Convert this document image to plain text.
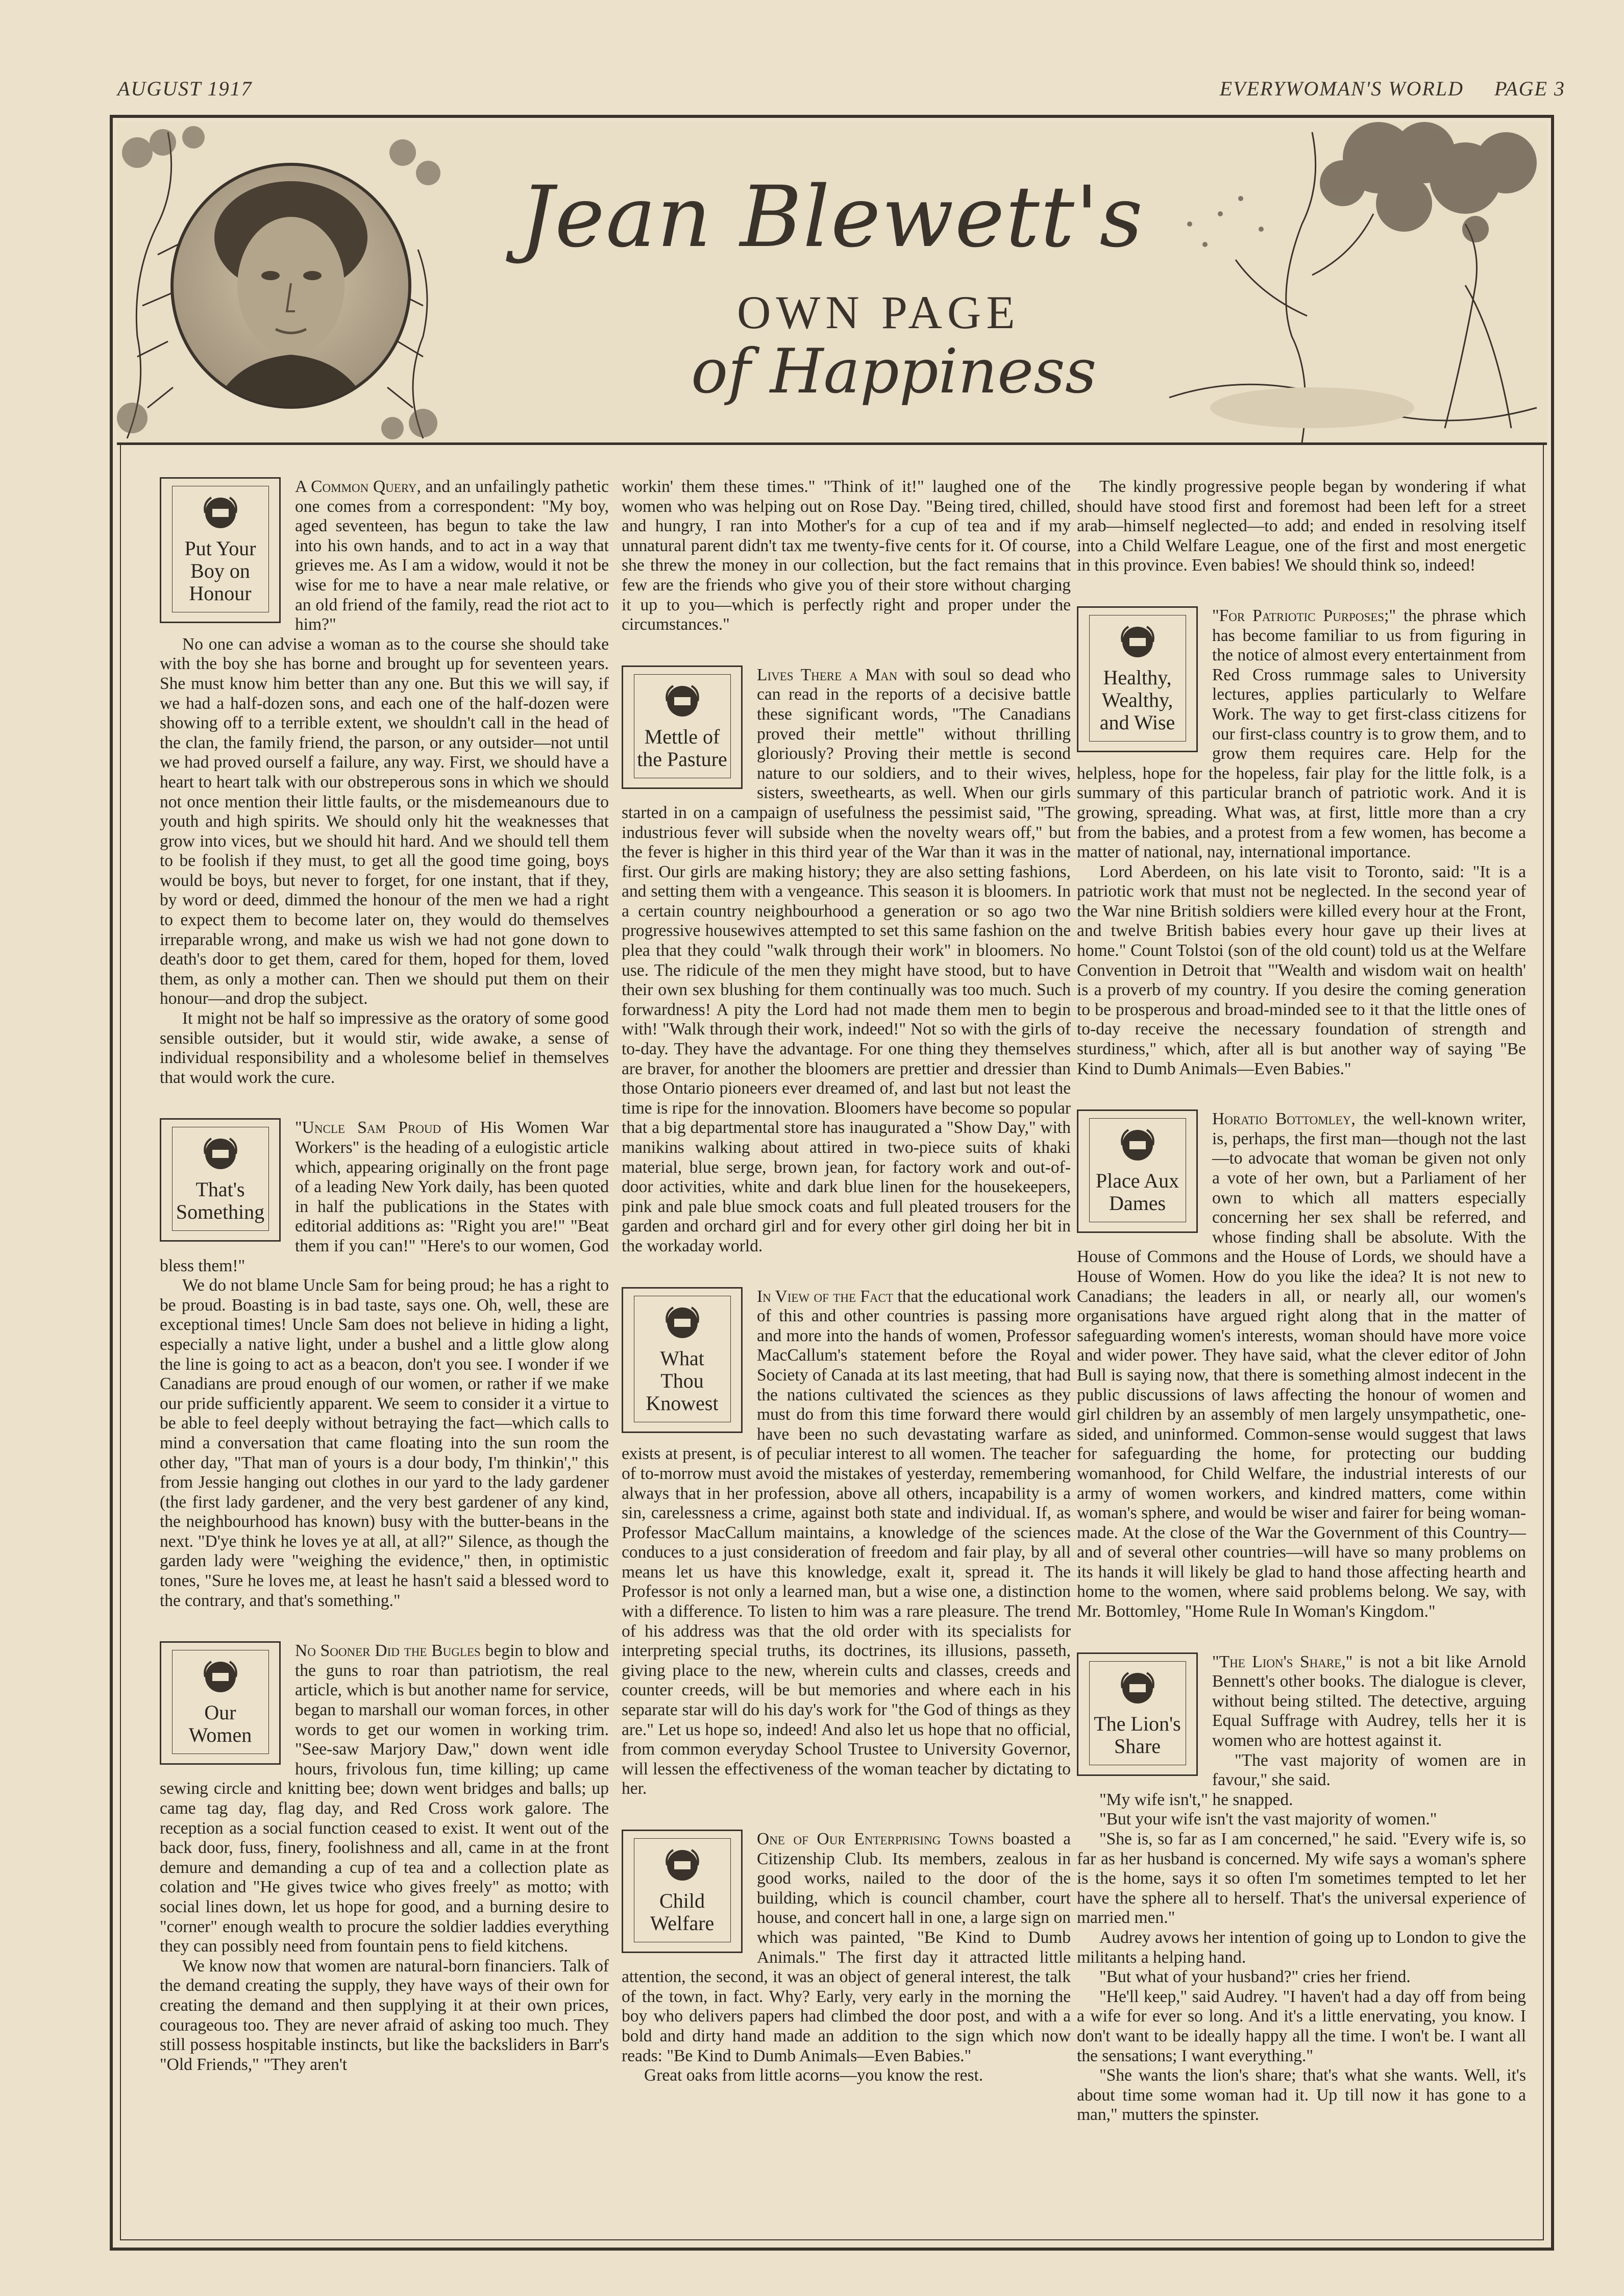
AUGUST 1917	EVERYWOMAN'S WORLD     PAGE 3
Jean Blewett's
OWN PAGE
of Happiness
Put Your Boy on Honour

A Common Query, and an unfailingly pathetic one comes from a correspondent: "My boy, aged seventeen, has begun to take the law into his own hands, and to act in a way that grieves me. As I am a widow, would it not be wise for me to have a near male relative, or an old friend of the family, read the riot act to him?"

No one can advise a woman as to the course she should take with the boy she has borne and brought up for seventeen years. She must know him better than any one. But this we will say, if we had a half-dozen sons, and each one of the half-dozen were showing off to a terrible extent, we shouldn't call in the head of the clan, the family friend, the parson, or any outsider—not until we had proved ourself a failure, any way. First, we should have a heart to heart talk with our obstreperous sons in which we should not once mention their little faults, or the misdemeanours due to youth and high spirits. We should only hit the weaknesses that grow into vices, but we should hit hard. And we should tell them to be foolish if they must, to get all the good time going, boys would be boys, but never to forget, for one instant, that if they, by word or deed, dimmed the honour of the men we had a right to expect them to become later on, they would do themselves irreparable wrong, and make us wish we had not gone down to death's door to get them, cared for them, hoped for them, loved them, as only a mother can. Then we should put them on their honour—and drop the subject.

It might not be half so impressive as the oratory of some good sensible outsider, but it would stir, wide awake, a sense of individual responsibility and a wholesome belief in themselves that would work the cure.

That's Something

"Uncle Sam Proud of His Women War Workers" is the heading of a eulogistic article which, appearing originally on the front page of a leading New York daily, has been quoted in half the publications in the States with editorial additions as: "Right you are!" "Beat them if you can!" "Here's to our women, God bless them!"

We do not blame Uncle Sam for being proud; he has a right to be proud. Boasting is in bad taste, says one. Oh, well, these are exceptional times! Uncle Sam does not believe in hiding a light, especially a native light, under a bushel and a little glow along the line is going to act as a beacon, don't you see. I wonder if we Canadians are proud enough of our women, or rather if we make our pride sufficiently apparent. We seem to consider it a virtue to be able to feel deeply without betraying the fact—which calls to mind a conversation that came floating into the sun room the other day, "That man of yours is a dour body, I'm thinkin'," this from Jessie hanging out clothes in our yard to the lady gardener (the first lady gardener, and the very best gardener of any kind, the neighbourhood has known) busy with the butter-beans in the next. "D'ye think he loves ye at all, at all?" Silence, as though the garden lady were "weighing the evidence," then, in optimistic tones, "Sure he loves me, at least he hasn't said a blessed word to the contrary, and that's something."

Our Women

No Sooner Did the Bugles begin to blow and the guns to roar than patriotism, the real article, which is but another name for service, began to marshall our woman forces, in other words to get our women in working trim. "See-saw Marjory Daw," down went idle hours, frivolous fun, time killing; up came sewing circle and knitting bee; down went bridges and balls; up came tag day, flag day, and Red Cross work galore. The reception as a social function ceased to exist. It went out of the back door, fuss, finery, foolishness and all, came in at the front demure and demanding a cup of tea and a collection plate as colation and "He gives twice who gives freely" as motto; with social lines down, let us hope for good, and a burning desire to "corner" enough wealth to procure the soldier laddies everything they can possibly need from fountain pens to field kitchens.

We know now that women are natural-born financiers. Talk of the demand creating the supply, they have ways of their own for creating the demand and then supplying it at their own prices, courageous too. They are never afraid of asking too much. They still possess hospitable instincts, but like the backsliders in Barr's "Old Friends," "They aren't

workin' them these times." "Think of it!" laughed one of the women who was helping out on Rose Day. "Being tired, chilled, and hungry, I ran into Mother's for a cup of tea and if my unnatural parent didn't tax me twenty-five cents for it. Of course, she threw the money in our collection, but the fact remains that few are the friends who give you of their store without charging it up to you—which is perfectly right and proper under the circumstances."

Mettle of the Pasture

Lives There a Man with soul so dead who can read in the reports of a decisive battle these significant words, "The Canadians proved their mettle" without thrilling gloriously? Proving their mettle is second nature to our soldiers, and to their wives, sisters, sweethearts, as well. When our girls started in on a campaign of usefulness the pessimist said, "The industrious fever will subside when the novelty wears off," but the fever is higher in this third year of the War than it was in the first. Our girls are making history; they are also setting fashions, and setting them with a vengeance. This season it is bloomers. In a certain country neighbourhood a generation or so ago two progressive housewives attempted to set this same fashion on the plea that they could "walk through their work" in bloomers. No use. The ridicule of the men they might have stood, but to have their own sex blushing for them continually was too much. Such forwardness! A pity the Lord had not made them men to begin with! "Walk through their work, indeed!" Not so with the girls of to-day. They have the advantage. For one thing they themselves are braver, for another the bloomers are prettier and dressier than those Ontario pioneers ever dreamed of, and last but not least the time is ripe for the innovation. Bloomers have become so popular that a big departmental store has inaugurated a "Show Day," with manikins walking about attired in two-piece suits of khaki material, blue serge, brown jean, for factory work and out-of-door activities, white and dark blue linen for the housekeepers, pink and pale blue smock coats and full pleated trousers for the garden and orchard girl and for every other girl doing her bit in the workaday world.

What Thou Knowest

In View of the Fact that the educational work of this and other countries is passing more and more into the hands of women, Professor MacCallum's statement before the Royal Society of Canada at its last meeting, that had the nations cultivated the sciences as they must do from this time forward there would have been no such devastating warfare as exists at present, is of peculiar interest to all women. The teacher of to-morrow must avoid the mistakes of yesterday, remembering always that in her profession, above all others, incapability is a sin, carelessness a crime, against both state and individual. If, as Professor MacCallum maintains, a knowledge of the sciences conduces to a just consideration of freedom and fair play, by all means let us have this knowledge, exalt it, spread it. The Professor is not only a learned man, but a wise one, a distinction with a difference. To listen to him was a rare pleasure. The trend of his address was that the old order with its specialists for interpreting special truths, its doctrines, its illusions, passeth, giving place to the new, wherein cults and classes, creeds and counter creeds, will be but memories and where each in his separate star will do his day's work for "the God of things as they are." Let us hope so, indeed! And also let us hope that no official, from common everyday School Trustee to University Governor, will lessen the effectiveness of the woman teacher by dictating to her.

Child Welfare

One of Our Enterprising Towns boasted a Citizenship Club. Its members, zealous in good works, nailed to the door of the building, which is council chamber, court house, and concert hall in one, a large sign on which was painted, "Be Kind to Dumb Animals." The first day it attracted little attention, the second, it was an object of general interest, the talk of the town, in fact. Why? Early, very early in the morning the boy who delivers papers had climbed the door post, and with a bold and dirty hand made an addition to the sign which now reads: "Be Kind to Dumb Animals—Even Babies."

Great oaks from little acorns—you know the rest.

The kindly progressive people began by wondering if what should have stood first and foremost had been left for a street arab—himself neglected—to add; and ended in resolving itself into a Child Welfare League, one of the first and most energetic in this province. Even babies! We should think so, indeed!

Healthy, Wealthy, and Wise

"For Patriotic Purposes;" the phrase which has become familiar to us from figuring in the notice of almost every entertainment from Red Cross rummage sales to University lectures, applies particularly to Welfare Work. The way to get first-class citizens for our first-class country is to grow them, and to grow them requires care. Help for the helpless, hope for the hopeless, fair play for the little folk, is a summary of this particular branch of patriotic work. And it is growing, spreading. What was, at first, little more than a cry from the babies, and a protest from a few women, has become a matter of national, nay, international importance.

Lord Aberdeen, on his late visit to Toronto, said: "It is a patriotic work that must not be neglected. In the second year of the War nine British soldiers were killed every hour at the Front, and twelve British babies every hour gave up their lives at home." Count Tolstoi (son of the old count) told us at the Welfare Convention in Detroit that "'Wealth and wisdom wait on health' is a proverb of my country. If you desire the coming generation to be prosperous and broad-minded see to it that the little ones of to-day receive the necessary foundation of strength and sturdiness," which, after all is but another way of saying "Be Kind to Dumb Animals—Even Babies."

Place Aux Dames

Horatio Bottomley, the well-known writer, is, perhaps, the first man—though not the last—to advocate that woman be given not only a vote of her own, but a Parliament of her own to which all matters especially concerning her sex shall be referred, and whose finding shall be absolute. With the House of Commons and the House of Lords, we should have a House of Women. How do you like the idea? It is not new to Canadians; the leaders in all, or nearly all, our women's organisations have argued right along that in the matter of safeguarding women's interests, woman should have more voice and wider power. They have said, what the clever editor of John Bull is saying now, that there is something almost indecent in the public discussions of laws affecting the honour of women and girl children by an assembly of men largely unsympathetic, one-sided, and uninformed. Common-sense would suggest that laws for safeguarding the home, for protecting our budding womanhood, for Child Welfare, the industrial interests of our army of women workers, and kindred matters, come within woman's sphere, and would be wiser and fairer for being woman-made. At the close of the War the Government of this Country—and of several other countries—will have so many problems on its hands it will likely be glad to hand those affecting hearth and home to the women, where said problems belong. We say, with Mr. Bottomley, "Home Rule In Woman's Kingdom."

The Lion's Share

"The Lion's Share," is not a bit like Arnold Bennett's other books. The dialogue is clever, without being stilted. The detective, arguing Equal Suffrage with Audrey, tells her it is women who are hottest against it.

"The vast majority of women are in favour," she said.

"My wife isn't," he snapped.

"But your wife isn't the vast majority of women."

"She is, so far as I am concerned," he said. "Every wife is, so far as her husband is concerned. My wife says a woman's sphere is the home, says it so often I'm sometimes tempted to let her have the sphere all to herself. That's the universal experience of married men."

Audrey avows her intention of going up to London to give the militants a helping hand.

"But what of your husband?" cries her friend.

"He'll keep," said Audrey. "I haven't had a day off from being a wife for ever so long. And it's a little enervating, you know. I don't want to be ideally happy all the time. I won't be. I want all the sensations; I want everything."

"She wants the lion's share; that's what she wants. Well, it's about time some woman had it. Up till now it has gone to a man," mutters the spinster.
